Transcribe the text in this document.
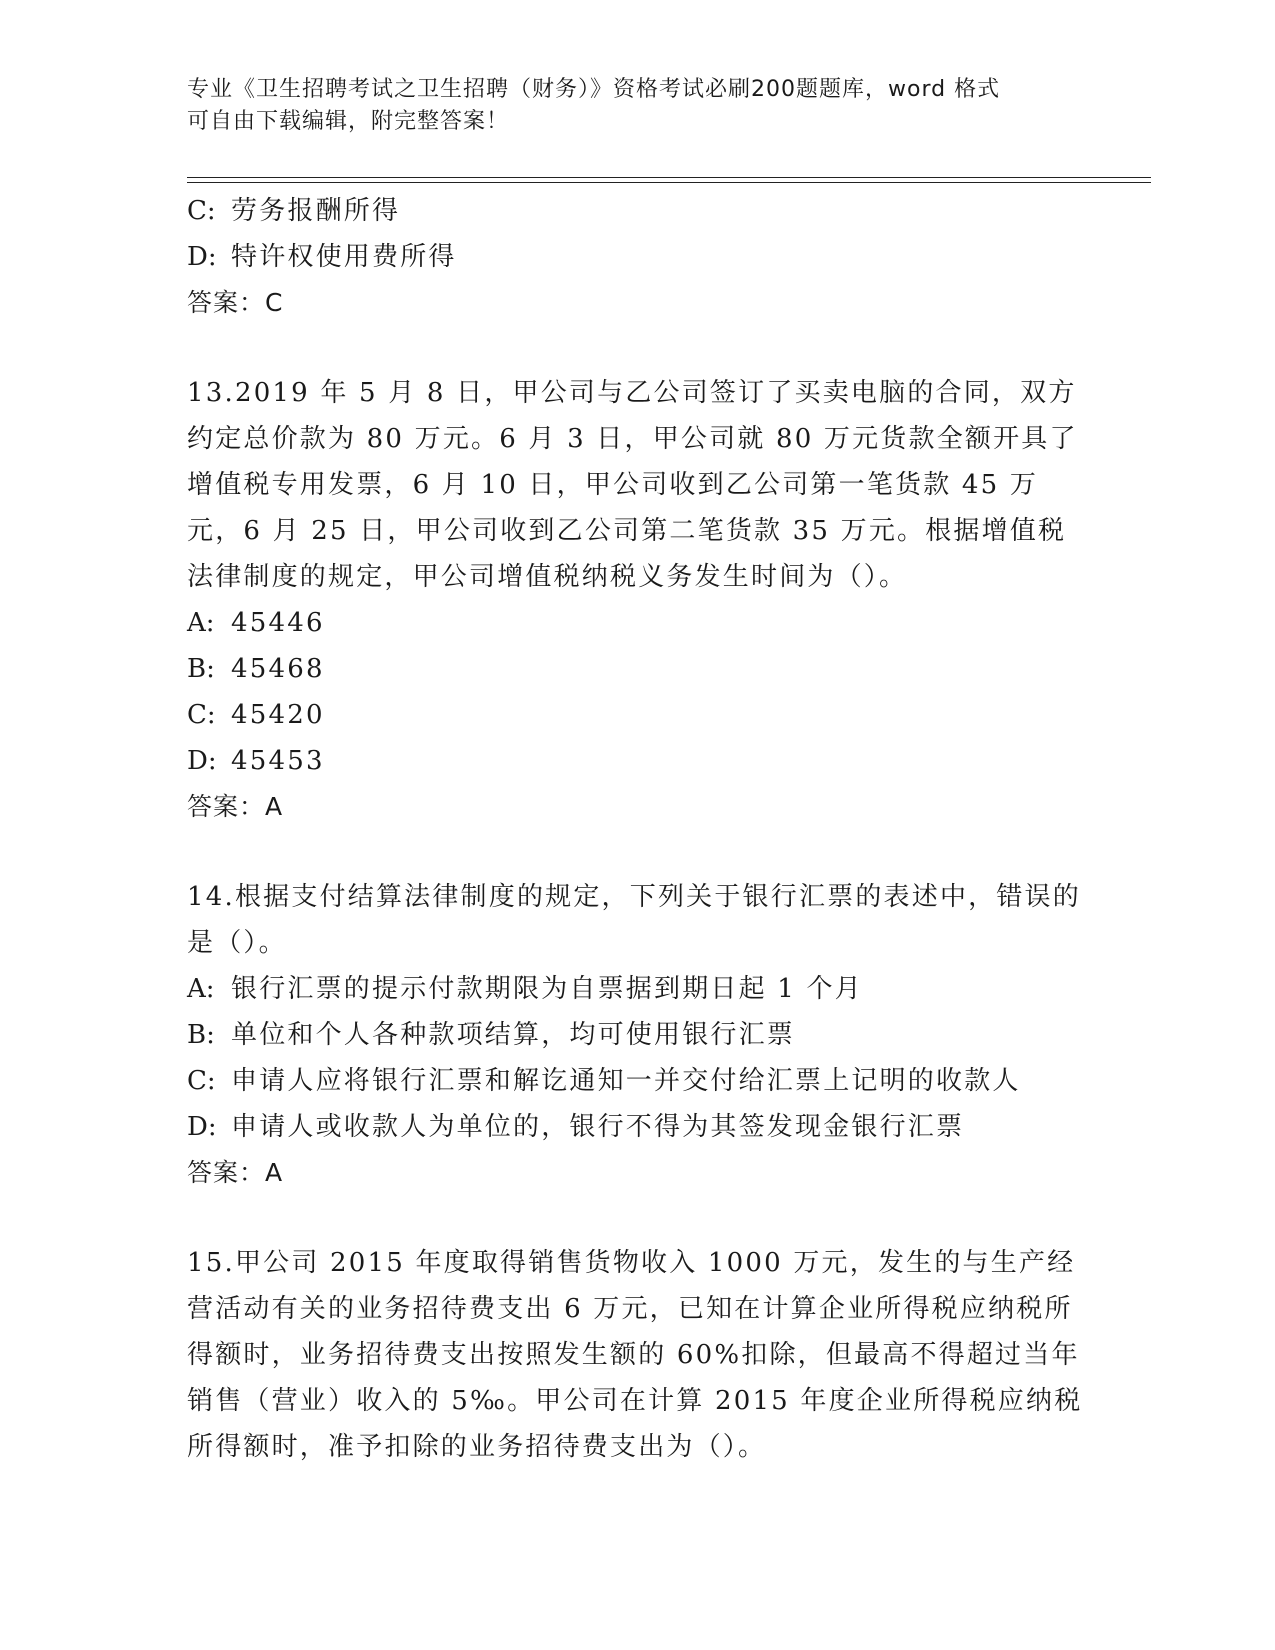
专业《卫生招聘考试之卫生招聘（财务）》资格考试必刷200题题库，word 格式
可自由下载编辑，附完整答案！
C: 劳务报酬所得
D: 特许权使用费所得
答案：C

13.2019 年 5 月 8 日，甲公司与乙公司签订了买卖电脑的合同，双方约定总价款为 80 万元。6 月 3 日，甲公司就 80 万元货款全额开具了增值税专用发票，6 月 10 日，甲公司收到乙公司第一笔货款 45 万元，6 月 25 日，甲公司收到乙公司第二笔货款 35 万元。根据增值税法律制度的规定，甲公司增值税纳税义务发生时间为（）。

A: 45446
B: 45468
C: 45420
D: 45453
答案：A

14.根据支付结算法律制度的规定，下列关于银行汇票的表述中，错误的是（）。

A: 银行汇票的提示付款期限为自票据到期日起 1 个月
B: 单位和个人各种款项结算，均可使用银行汇票
C: 申请人应将银行汇票和解讫通知一并交付给汇票上记明的收款人
D: 申请人或收款人为单位的，银行不得为其签发现金银行汇票
答案：A

15.甲公司 2015 年度取得销售货物收入 1000 万元，发生的与生产经营活动有关的业务招待费支出 6 万元，已知在计算企业所得税应纳税所得额时，业务招待费支出按照发生额的 60%扣除，但最高不得超过当年销售（营业）收入的 5‰。甲公司在计算 2015 年度企业所得税应纳税所得额时，准予扣除的业务招待费支出为（）。
